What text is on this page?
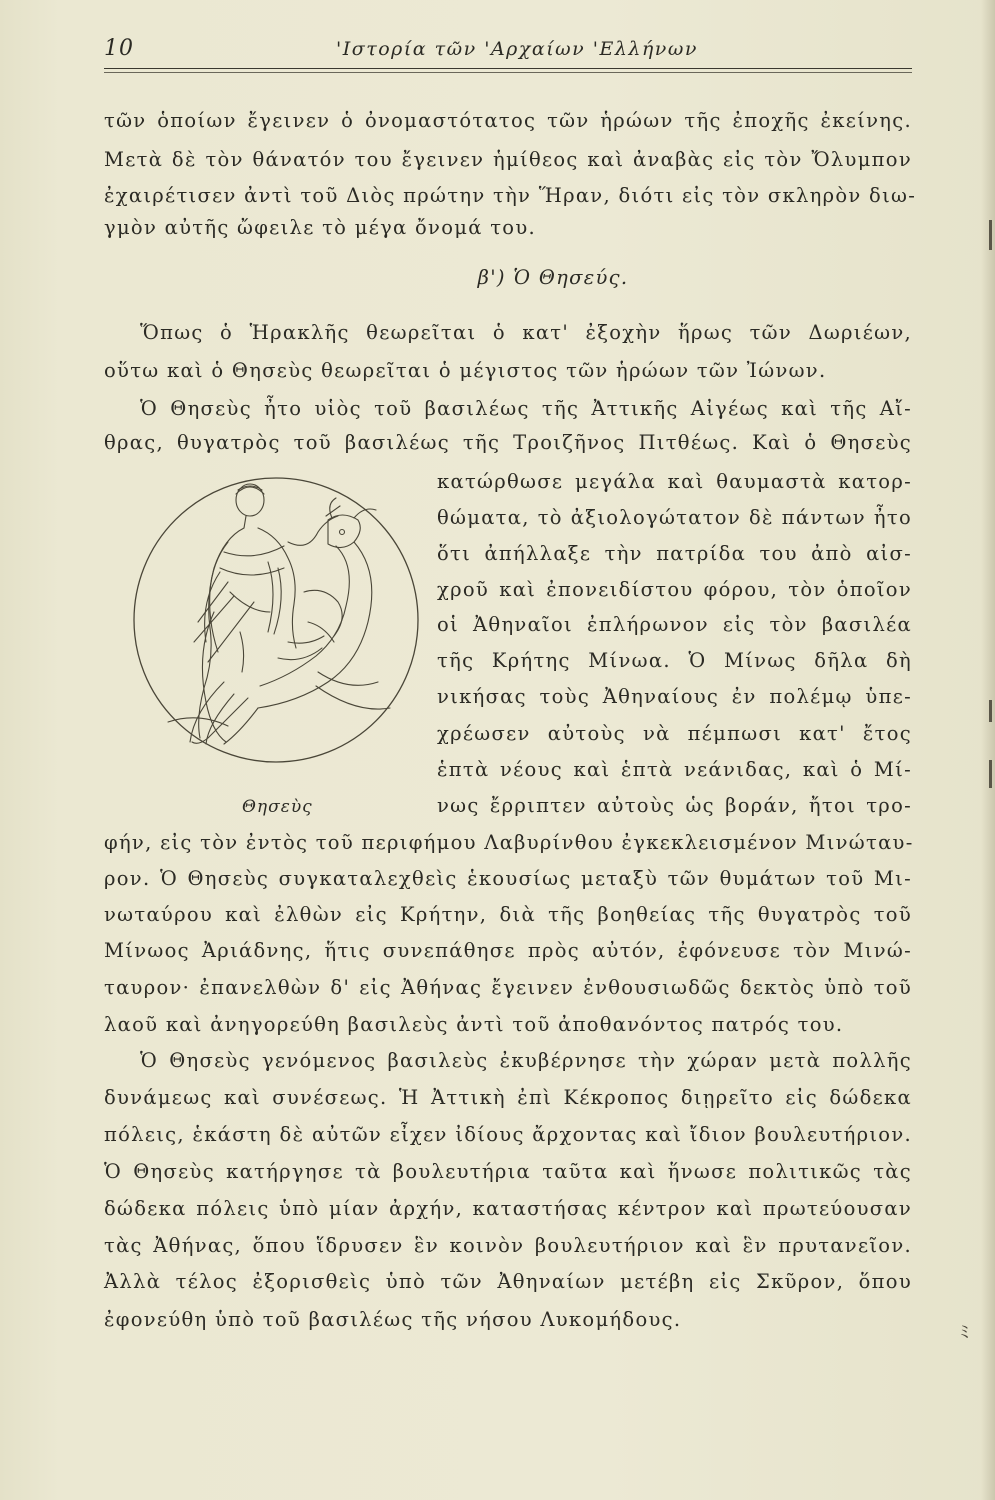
10	'Ιστορία τῶν 'Αρχαίων 'Ελλήνων
τῶν ὁποίων ἔγεινεν ὁ ὀνομαστότατος τῶν ἡρώων τῆς ἐποχῆς ἐκείνης.
Μετὰ δὲ τὸν θάνατόν του ἔγεινεν ἡμίθεος καὶ ἀναβὰς εἰς τὸν Ὄλυμπον
ἐχαιρέτισεν ἀντὶ τοῦ Διὸς πρώτην τὴν Ἥραν, διότι εἰς τὸν σκληρὸν διω-
γμὸν αὐτῆς ὤφειλε τὸ μέγα ὄνομά του.
β') Ὁ Θησεύς.
Ὅπως ὁ Ἡρακλῆς θεωρεῖται ὁ κατ' ἐξοχὴν ἥρως τῶν Δωριέων,
οὕτω καὶ ὁ Θησεὺς θεωρεῖται ὁ μέγιστος τῶν ἡρώων τῶν Ἰώνων.
Ὁ Θησεὺς ἦτο υἱὸς τοῦ βασιλέως τῆς Ἀττικῆς Αἰγέως καὶ τῆς Αἴ-
θρας, θυγατρὸς τοῦ βασιλέως τῆς Τροιζῆνος Πιτθέως. Καὶ ὁ Θησεὺς
κατώρθωσε μεγάλα καὶ θαυμαστὰ κατορ-
θώματα, τὸ ἀξιολογώτατον δὲ πάντων ἦτο
ὅτι ἀπήλλαξε τὴν πατρίδα του ἀπὸ αἰσ-
χροῦ καὶ ἐπονειδίστου φόρου, τὸν ὁποῖον
οἱ Ἀθηναῖοι ἐπλήρωνον εἰς τὸν βασιλέα
τῆς Κρήτης Μίνωα. Ὁ Μίνως δῆλα δὴ
νικήσας τοὺς Ἀθηναίους ἐν πολέμῳ ὑπε-
χρέωσεν αὐτοὺς νὰ πέμπωσι κατ' ἔτος
ἑπτὰ νέους καὶ ἑπτὰ νεάνιδας, καὶ ὁ Μί-
νως ἔρριπτεν αὐτοὺς ὡς βοράν, ἤτοι τρο-
φήν, εἰς τὸν ἐντὸς τοῦ περιφήμου Λαβυρίνθου ἐγκεκλεισμένον Μινώταυ-
ρον. Ὁ Θησεὺς συγκαταλεχθεὶς ἑκουσίως μεταξὺ τῶν θυμάτων τοῦ Μι-
νωταύρου καὶ ἐλθὼν εἰς Κρήτην, διὰ τῆς βοηθείας τῆς θυγατρὸς τοῦ
Μίνωος Ἀριάδνης, ἥτις συνεπάθησε πρὸς αὐτόν, ἐφόνευσε τὸν Μινώ-
ταυρον· ἐπανελθὼν δ' εἰς Ἀθήνας ἔγεινεν ἐνθουσιωδῶς δεκτὸς ὑπὸ τοῦ
λαοῦ καὶ ἀνηγορεύθη βασιλεὺς ἀντὶ τοῦ ἀποθανόντος πατρός του.
Ὁ Θησεὺς γενόμενος βασιλεὺς ἐκυβέρνησε τὴν χώραν μετὰ πολλῆς
δυνάμεως καὶ συνέσεως. Ἡ Ἀττικὴ ἐπὶ Κέκροπος διῃρεῖτο εἰς δώδεκα
πόλεις, ἑκάστη δὲ αὐτῶν εἶχεν ἰδίους ἄρχοντας καὶ ἴδιον βουλευτήριον.
Ὁ Θησεὺς κατήργησε τὰ βουλευτήρια ταῦτα καὶ ἥνωσε πολιτικῶς τὰς
δώδεκα πόλεις ὑπὸ μίαν ἀρχήν, καταστήσας κέντρον καὶ πρωτεύουσαν
τὰς Ἀθήνας, ὅπου ἵδρυσεν ἓν κοινὸν βουλευτήριον καὶ ἓν πρυτανεῖον.
Ἀλλὰ τέλος ἐξορισθεὶς ὑπὸ τῶν Ἀθηναίων μετέβη εἰς Σκῦρον, ὅπου
ἐφονεύθη ὑπὸ τοῦ βασιλέως τῆς νήσου Λυκομήδους.
Θησεὺς
ﾐ
